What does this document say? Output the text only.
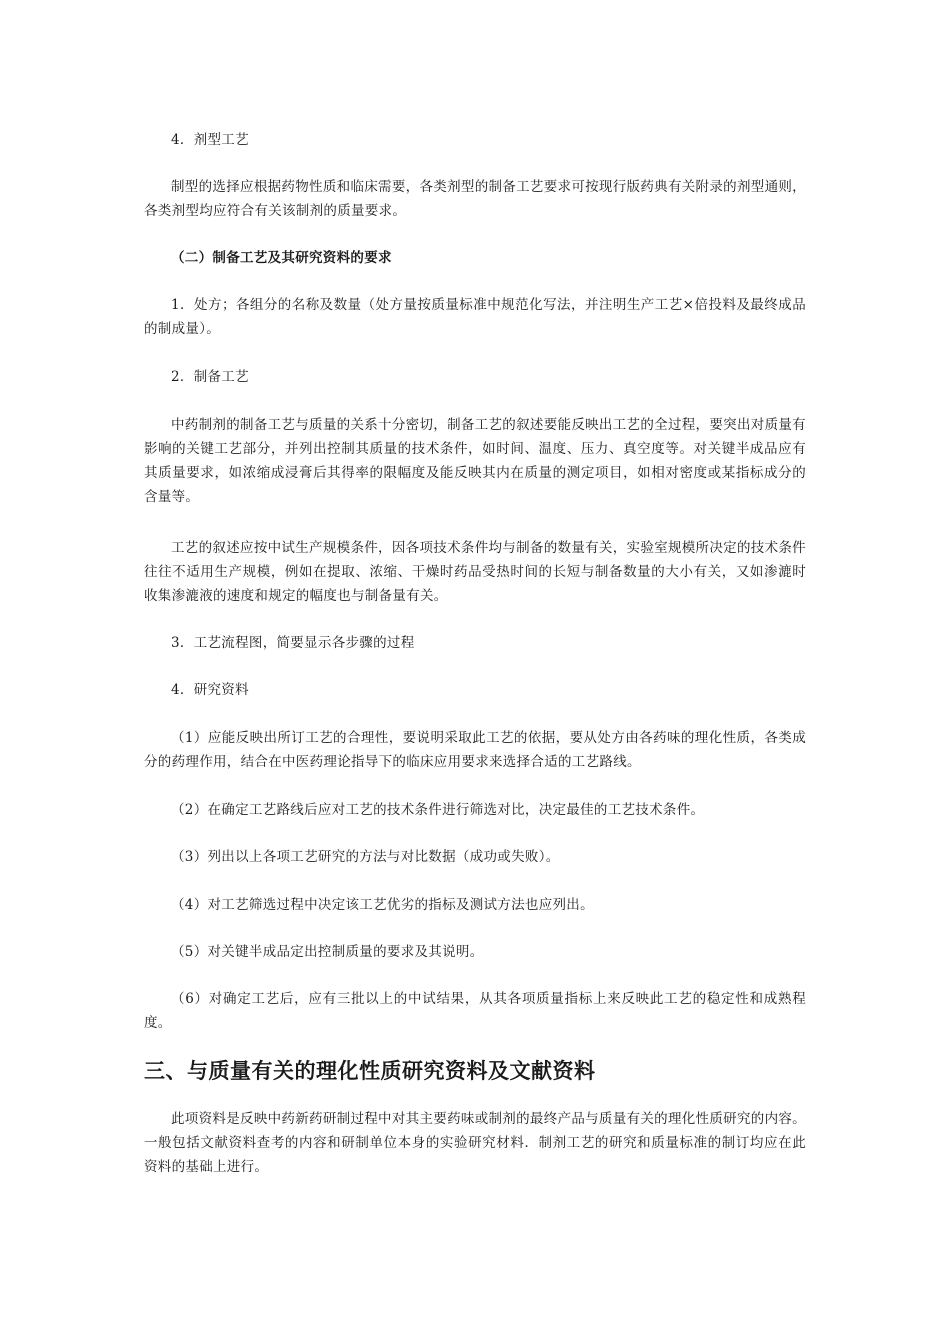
4．剂型工艺

制型的选择应根据药物性质和临床需要，各类剂型的制备工艺要求可按现行版药典有关附录的剂型通则，各类剂型均应符合有关该制剂的质量要求。

（二）制备工艺及其研究资料的要求

1．处方；各组分的名称及数量（处方量按质量标准中规范化写法，并注明生产工艺×倍投料及最终成品的制成量）。

2．制备工艺

中药制剂的制备工艺与质量的关系十分密切，制备工艺的叙述要能反映出工艺的全过程，要突出对质量有影响的关键工艺部分，并列出控制其质量的技术条件，如时间、温度、压力、真空度等。对关键半成品应有其质量要求，如浓缩成浸膏后其得率的限幅度及能反映其内在质量的测定项目，如相对密度或某指标成分的含量等。

工艺的叙述应按中试生产规模条件，因各项技术条件均与制备的数量有关，实验室规模所决定的技术条件往往不适用生产规模，例如在提取、浓缩、干燥时药品受热时间的长短与制备数量的大小有关，又如渗漉时收集渗漉液的速度和规定的幅度也与制备量有关。

3．工艺流程图，简要显示各步骤的过程

4．研究资料

（1）应能反映出所订工艺的合理性，要说明采取此工艺的依据，要从处方由各药味的理化性质，各类成分的药理作用，结合在中医药理论指导下的临床应用要求来选择合适的工艺路线。

（2）在确定工艺路线后应对工艺的技术条件进行筛选对比，决定最佳的工艺技术条件。

（3）列出以上各项工艺研究的方法与对比数据（成功或失败）。

（4）对工艺筛选过程中决定该工艺优劣的指标及测试方法也应列出。

（5）对关键半成品定出控制质量的要求及其说明。

（6）对确定工艺后，应有三批以上的中试结果，从其各项质量指标上来反映此工艺的稳定性和成熟程度。

三、与质量有关的理化性质研究资料及文献资料

此项资料是反映中药新药研制过程中对其主要药味或制剂的最终产品与质量有关的理化性质研究的内容。一般包括文献资料查考的内容和研制单位本身的实验研究材料．制剂工艺的研究和质量标准的制订均应在此资料的基础上进行。
